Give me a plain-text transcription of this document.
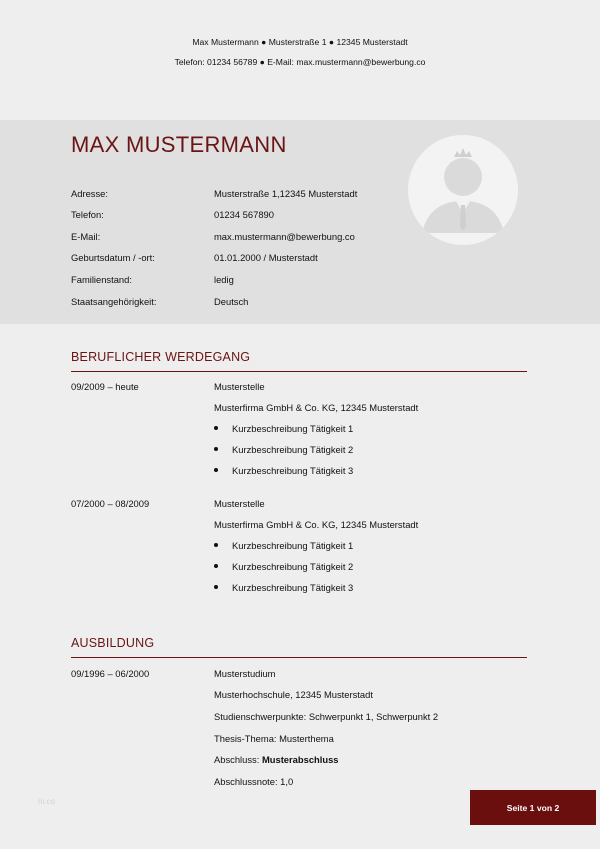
Max Mustermann ● Musterstraße 1 ● 12345 Musterstadt
Telefon: 01234 56789 ● E-Mail: max.mustermann@bewerbung.co
MAX MUSTERMANN
Adresse:	Musterstraße 1,12345 Musterstadt
Telefon:	01234 567890
E-Mail:	max.mustermann@bewerbung.co
Geburtsdatum / -ort:	01.01.2000 / Musterstadt
Familienstand:	ledig
Staatsangehörigkeit:	Deutsch
BERUFLICHER WERDEGANG
09/2009 – heute	Musterstelle
Musterfirma GmbH & Co. KG, 12345 Musterstadt
Kurzbeschreibung Tätigkeit 1
Kurzbeschreibung Tätigkeit 2
Kurzbeschreibung Tätigkeit 3
07/2000 – 08/2009	Musterstelle
Musterfirma GmbH & Co. KG, 12345 Musterstadt
Kurzbeschreibung Tätigkeit 1
Kurzbeschreibung Tätigkeit 2
Kurzbeschreibung Tätigkeit 3
AUSBILDUNG
09/1996 – 06/2000	Musterstudium
Musterhochschule, 12345 Musterstadt
Studienschwerpunkte: Schwerpunkt 1, Schwerpunkt 2
Thesis-Thema: Musterthema
Abschluss: Musterabschluss
Abschlussnote: 1,0
hi.co
Seite 1 von 2
